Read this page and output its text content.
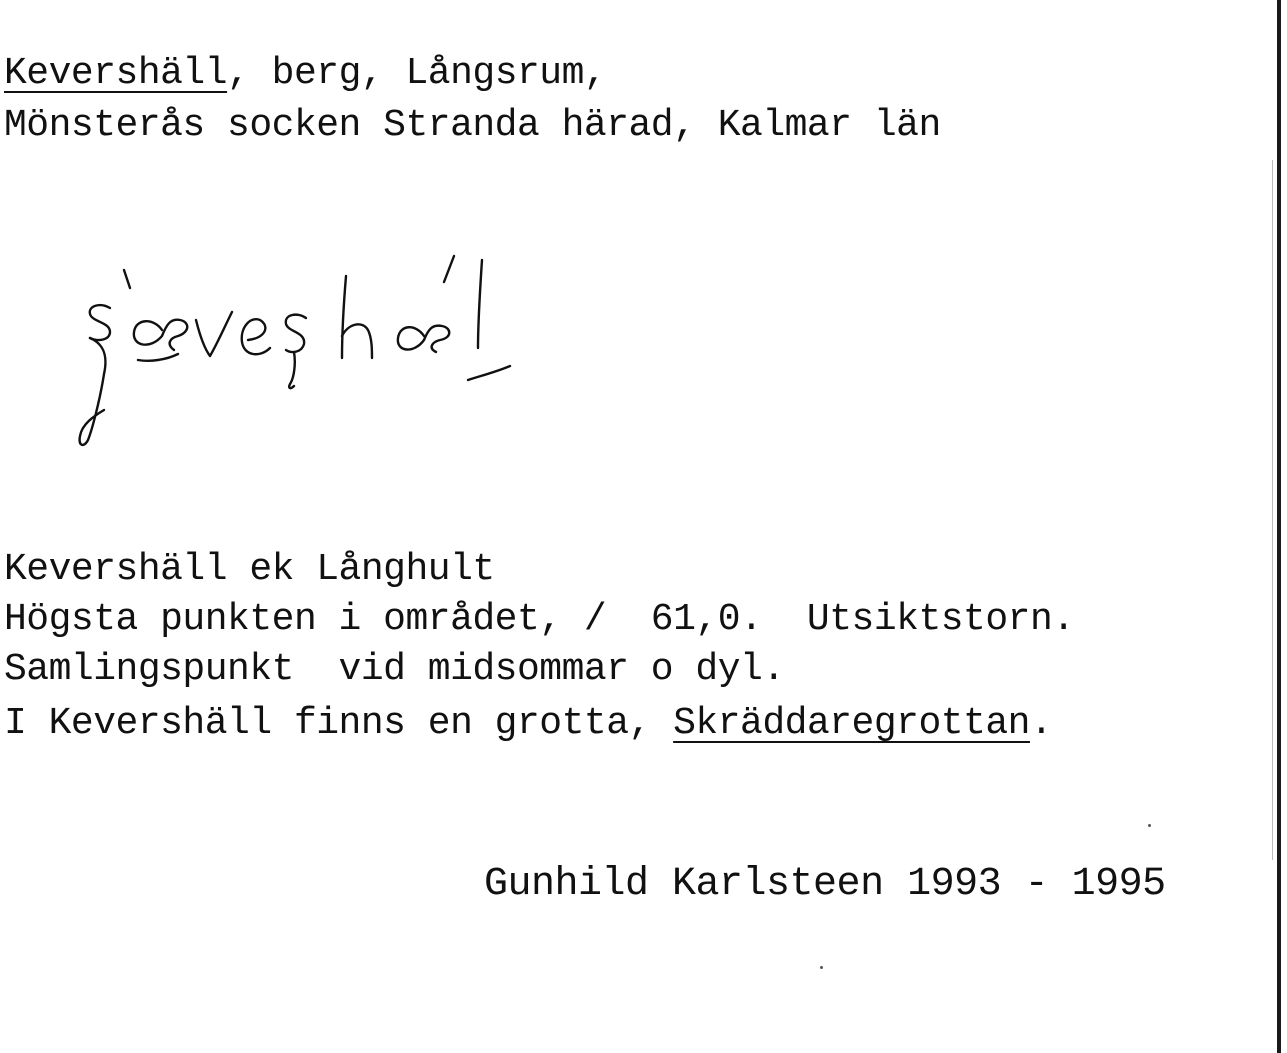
Kevershäll, berg, Långsrum,
Mönsterås socken Stranda härad, Kalmar län
Kevershäll ek Långhult
Högsta punkten i området, /  61,0.  Utsiktstorn.
Samlingspunkt  vid midsommar o dyl.
I Kevershäll finns en grotta, Skräddaregrottan.
Gunhild Karlsteen 1993 - 1995
